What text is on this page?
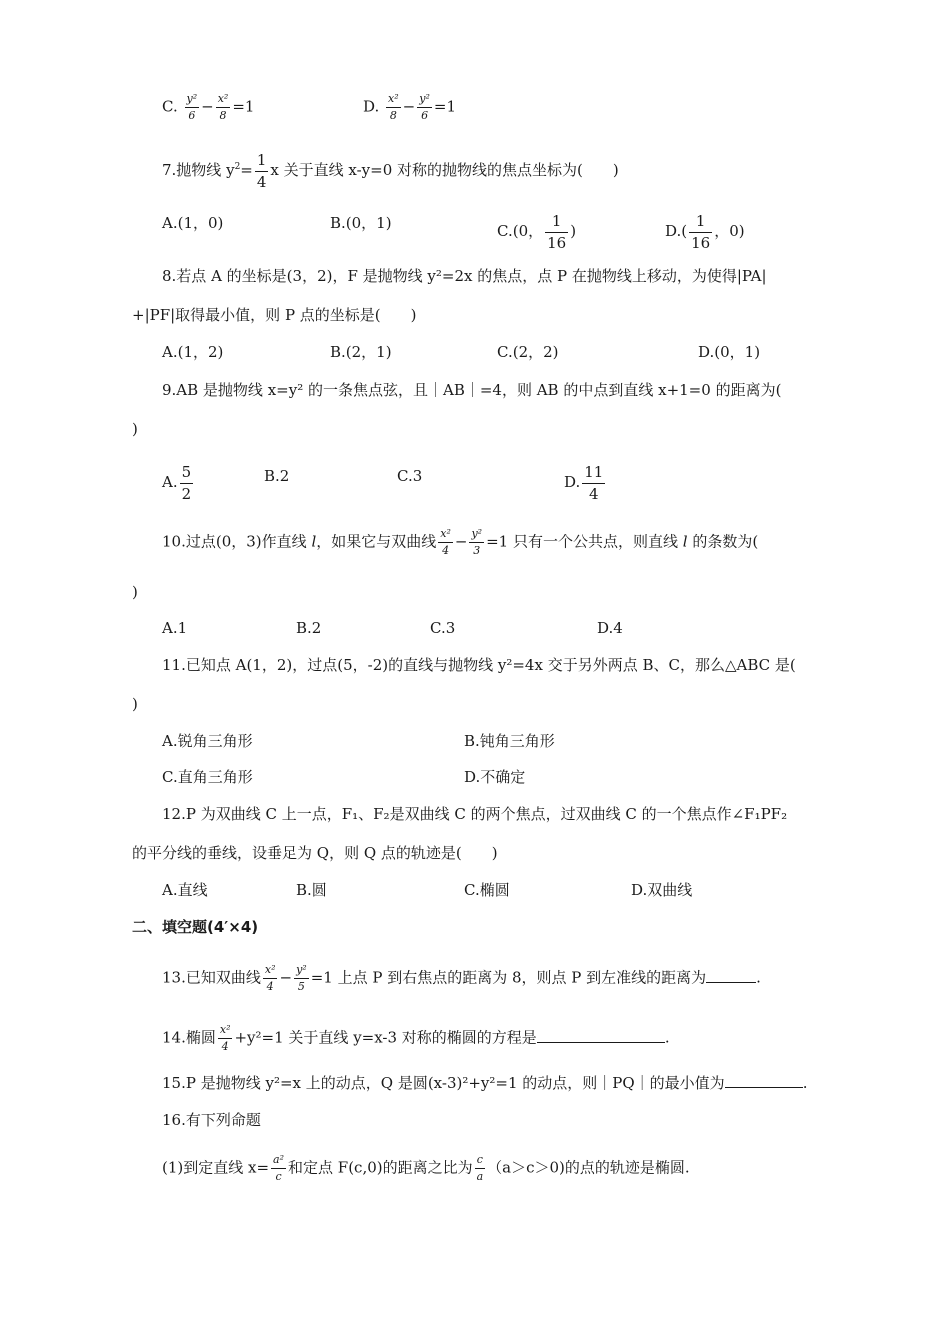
C. $\frac{\text{y²}}{6} - \frac{\text{x²}}{8} =1$	D. $\frac{\text{x²}}{8} - \frac{\text{y²}}{6} =1$
7.抛物线 $y^2= \frac{1}{4}$ x 关于直线 x-y=0 对称的抛物线的焦点坐标为(　　)
A.(1，0)	B.(0，1)	C.(0， $\frac{1}{16}$ )	$D.( \frac{1}{16}$ ，0)
8.若点 A 的坐标是(3，2)，F 是抛物线 y²=2x 的焦点，点 P 在抛物线上移动，为使得|PA|
+|PF|取得最小值，则 P 点的坐标是(　　)
A.(1，2)	B.(2，1)	C.(2，2)	D.(0，1)
9.AB 是抛物线 x=y² 的一条焦点弦，且｜AB｜=4，则 AB 的中点到直线 x+1=0 的距离为(
)
A. $\frac{5}{2}$	B.2	C.3	D. $\frac{11}{4}$
10.过点(0，3)作直线 l，如果它与双曲线 $\frac{\text{x²}}{4} - \frac{\text{y²}}{3} =1$ 只有一个公共点，则直线 l 的条数为(
)
A.1	B.2	C.3	D.4
11.已知点 A(1，2)，过点(5，-2)的直线与抛物线 y²=4x 交于另外两点 B、C，那么△ABC 是(
)
A.锐角三角形	B.钝角三角形
C.直角三角形	D.不确定
12.P 为双曲线 C 上一点，F₁、F₂是双曲线 C 的两个焦点，过双曲线 C 的一个焦点作∠F₁PF₂
的平分线的垂线，设垂足为 Q，则 Q 点的轨迹是(　　)
A.直线	B.圆	C.椭圆	D.双曲线
二、填空题(4′×4)
13.已知双曲线 $\frac{\text{x²}}{4} - \frac{\text{y²}}{5} =1$ 上点 P 到右焦点的距离为 8，则点 P 到左准线的距离为	.
14.椭圆 $\frac{\text{x²}}{4} +y^2=1$ 关于直线 y=x-3 对称的椭圆的方程是	.
15.P 是抛物线 y²=x 上的动点，Q 是圆(x-3)²+y²=1 的动点，则｜PQ｜的最小值为	.
16.有下列命题
(1)到定直线 $x= \frac{\text{a²}}{c}$ 和定点 F(c,0)的距离之比为 $\frac{c}{a} (a>c>0)$的点的轨迹是椭圆.
